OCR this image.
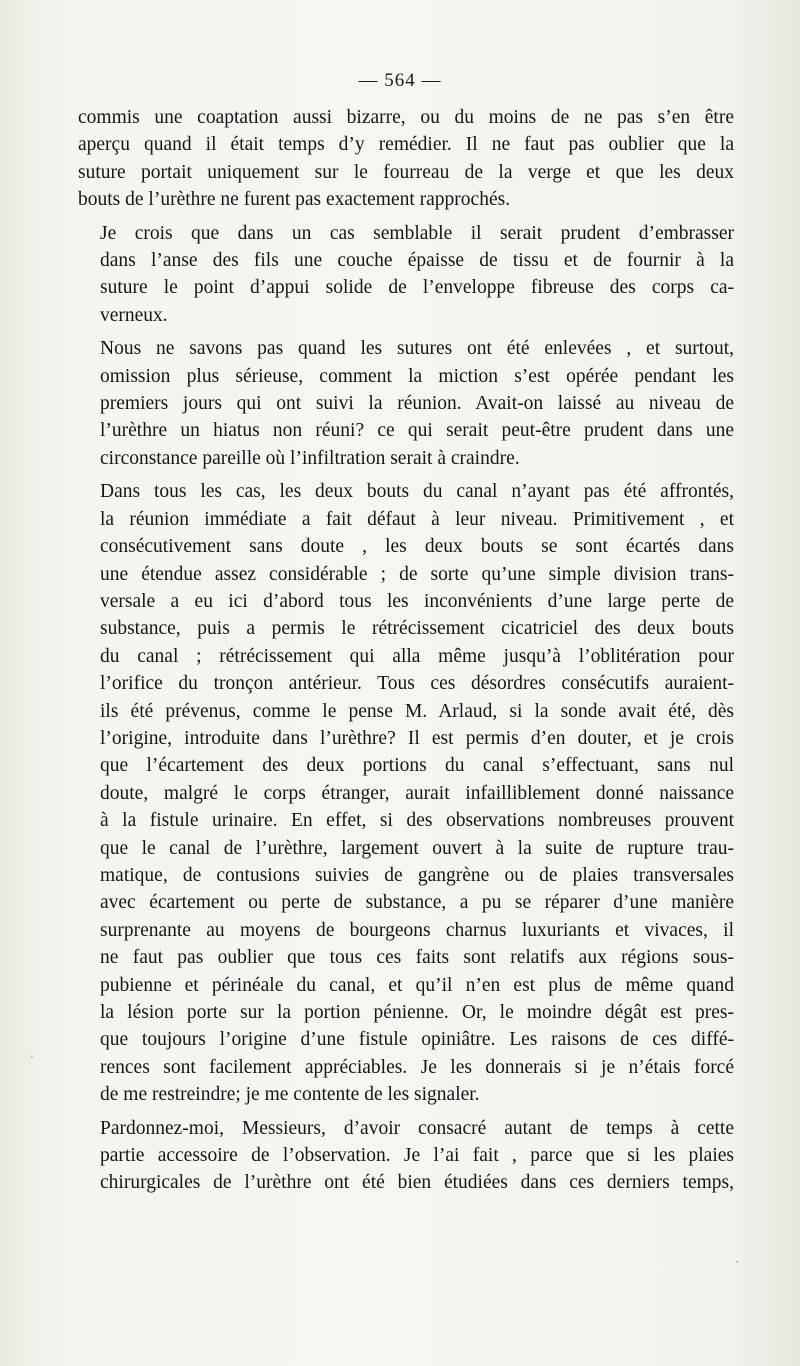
— 564 —

commis une coaptation aussi bizarre, ou du moins de ne pas s’en être
aperçu quand il était temps d’y remédier. Il ne faut pas oublier que la
suture portait uniquement sur le fourreau de la verge et que les deux
bouts de l’urèthre ne furent pas exactement rapprochés.

Je crois que dans un cas semblable il serait prudent d’embrasser
dans l’anse des fils une couche épaisse de tissu et de fournir à la
suture le point d’appui solide de l’enveloppe fibreuse des corps ca-
verneux.

Nous ne savons pas quand les sutures ont été enlevées , et surtout,
omission plus sérieuse, comment la miction s’est opérée pendant les
premiers jours qui ont suivi la réunion. Avait-on laissé au niveau de
l’urèthre un hiatus non réuni? ce qui serait peut-être prudent dans une
circonstance pareille où l’infiltration serait à craindre.

Dans tous les cas, les deux bouts du canal n’ayant pas été affrontés,
la réunion immédiate a fait défaut à leur niveau. Primitivement , et
consécutivement sans doute , les deux bouts se sont écartés dans
une étendue assez considérable ; de sorte qu’une simple division trans-
versale a eu ici d’abord tous les inconvénients d’une large perte de
substance, puis a permis le rétrécissement cicatriciel des deux bouts
du canal ; rétrécissement qui alla même jusqu’à l’oblitération pour
l’orifice du tronçon antérieur. Tous ces désordres consécutifs auraient-
ils été prévenus, comme le pense M. Arlaud, si la sonde avait été, dès
l’origine, introduite dans l’urèthre? Il est permis d’en douter, et je crois
que l’écartement des deux portions du canal s’effectuant, sans nul
doute, malgré le corps étranger, aurait infailliblement donné naissance
à la fistule urinaire. En effet, si des observations nombreuses prouvent
que le canal de l’urèthre, largement ouvert à la suite de rupture trau-
matique, de contusions suivies de gangrène ou de plaies transversales
avec écartement ou perte de substance, a pu se réparer d’une manière
surprenante au moyens de bourgeons charnus luxuriants et vivaces, il
ne faut pas oublier que tous ces faits sont relatifs aux régions sous-
pubienne et périnéale du canal, et qu’il n’en est plus de même quand
la lésion porte sur la portion pénienne. Or, le moindre dégât est pres-
que toujours l’origine d’une fistule opiniâtre. Les raisons de ces diffé-
rences sont facilement appréciables. Je les donnerais si je n’étais forcé
de me restreindre; je me contente de les signaler.

Pardonnez-moi, Messieurs, d’avoir consacré autant de temps à cette
partie accessoire de l’observation. Je l’ai fait , parce que si les plaies
chirurgicales de l’urèthre ont été bien étudiées dans ces derniers temps,

·
·
